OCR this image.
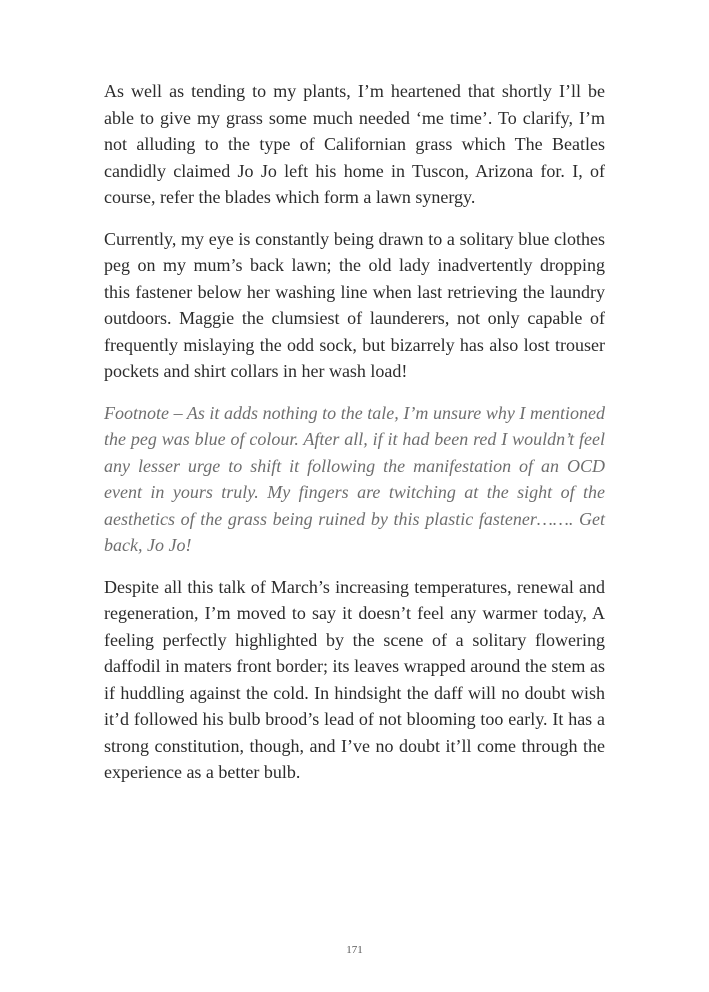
As well as tending to my plants, I’m heartened that shortly I’ll be able to give my grass some much needed ‘me time’. To clarify, I’m not alluding to the type of Californian grass which The Beatles candidly claimed Jo Jo left his home in Tuscon, Arizona for. I, of course, refer the blades which form a lawn synergy.

Currently, my eye is constantly being drawn to a solitary blue clothes peg on my mum’s back lawn; the old lady inadvertently dropping this fastener below her washing line when last retrieving the laundry outdoors. Maggie the clumsiest of launderers, not only capable of frequently mislaying the odd sock, but bizarrely has also lost trouser pockets and shirt collars in her wash load!

Footnote – As it adds nothing to the tale, I’m unsure why I mentioned the peg was blue of colour. After all, if it had been red I wouldn’t feel any lesser urge to shift it following the manifestation of an OCD event in yours truly. My fingers are twitching at the sight of the aesthetics of the grass being ruined by this plastic fastener……. Get back, Jo Jo!

Despite all this talk of March’s increasing temperatures, renewal and regeneration, I’m moved to say it doesn’t feel any warmer today, A feeling perfectly highlighted by the scene of a solitary flowering daffodil in maters front border; its leaves wrapped around the stem as if huddling against the cold. In hindsight the daff will no doubt wish it’d followed his bulb brood’s lead of not blooming too early. It has a strong constitution, though, and I’ve no doubt it’ll come through the experience as a better bulb.

171
